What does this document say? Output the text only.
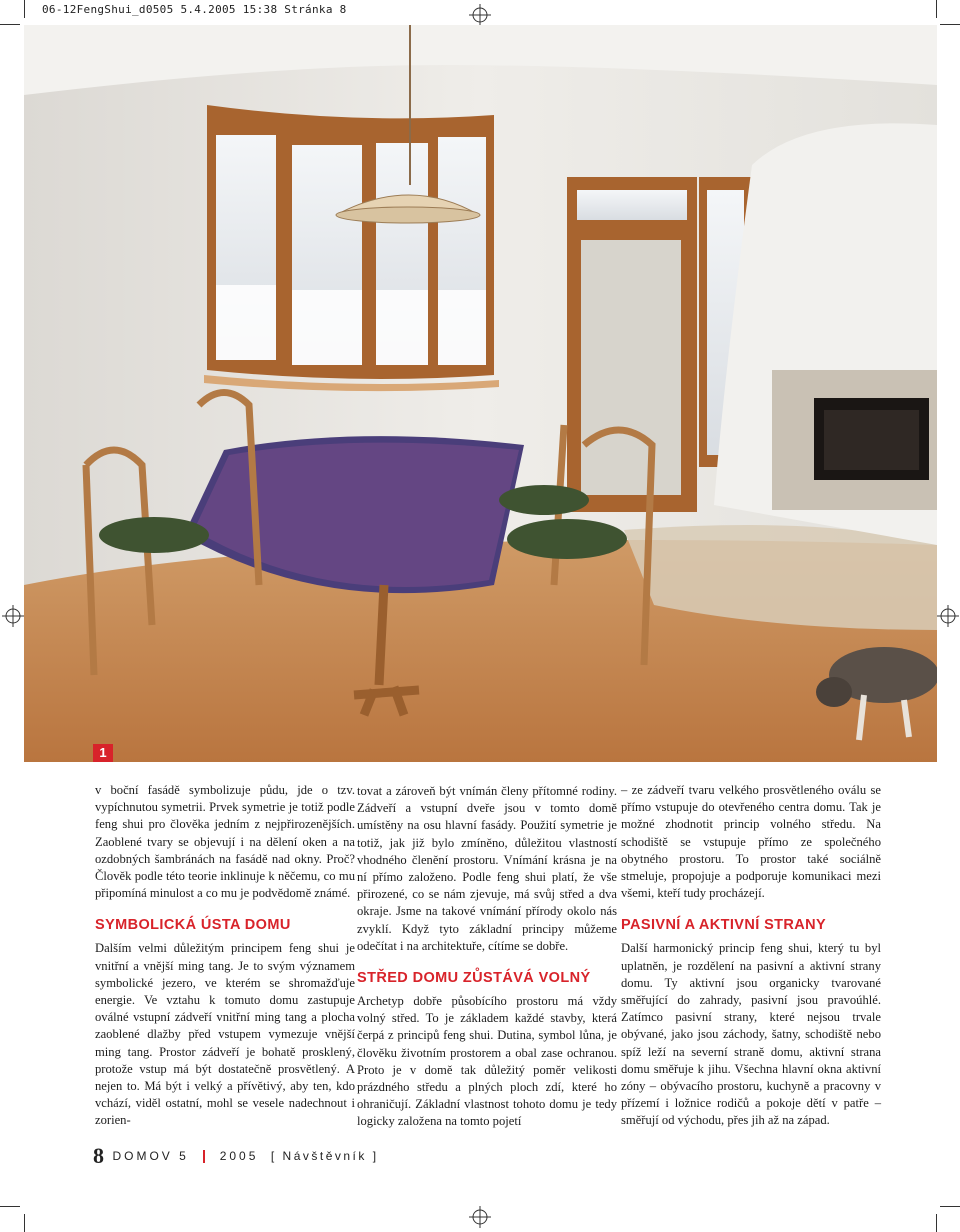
06-12FengShui_d0505 5.4.2005 15:38 Stránka 8
1

v boční fasádě symbolizuje půdu, jde o tzv. vypíchnutou symetrii. Prvek symetrie je totiž podle feng shui pro člověka jedním z nejpřirozenějších. Zaoblené tvary se objevují i na dělení oken a na ozdobných šambránách na fasádě nad okny. Proč? Člověk podle této teorie inklinuje k něčemu, co mu připomíná minulost a co mu je podvědomě známé.

SYMBOLICKÁ ÚSTA DOMU

Dalším velmi důležitým principem feng shui je vnitřní a vnější ming tang. Je to svým významem symbolické jezero, ve kterém se shromažďuje energie. Ve vztahu k tomuto domu zastupuje oválné vstupní zádveří vnitřní ming tang a plocha zaoblené dlažby před vstupem vymezuje vnější ming tang. Prostor zádveří je bohatě prosklený, protože vstup má být dostatečně prosvětlený. A nejen to. Má být i velký a přívětivý, aby ten, kdo vchází, viděl ostatní, mohl se vesele nadechnout i zorien-

tovat a zároveň být vnímán členy přítomné rodiny. Zádveří a vstupní dveře jsou v tomto domě umístěny na osu hlavní fasády. Použití symetrie je totiž, jak již bylo zmíněno, důležitou vlastností vhodného členění prostoru. Vnímání krásna je na ní přímo založeno. Podle feng shui platí, že vše přirozené, co se nám zjevuje, má svůj střed a dva okraje. Jsme na takové vnímání přírody okolo nás zvyklí. Když tyto základní principy můžeme odečítat i na architektuře, cítíme se dobře.

STŘED DOMU ZŮSTÁVÁ VOLNÝ

Archetyp dobře působícího prostoru má vždy volný střed. To je základem každé stavby, která čerpá z principů feng shui. Dutina, symbol lůna, je člověku životním prostorem a obal zase ochranou. Proto je v domě tak důležitý poměr velikosti prázdného středu a plných ploch zdí, které ho ohraničují. Základní vlastnost tohoto domu je tedy logicky založena na tomto pojetí

– ze zádveří tvaru velkého prosvětleného oválu se přímo vstupuje do otevřeného centra domu. Tak je možné zhodnotit princip volného středu. Na schodiště se vstupuje přímo ze společného obytného prostoru. To prostor také sociálně stmeluje, propojuje a podporuje komunikaci mezi všemi, kteří tudy procházejí.

PASIVNÍ A AKTIVNÍ STRANY

Další harmonický princip feng shui, který tu byl uplatněn, je rozdělení na pasivní a aktivní strany domu. Ty aktivní jsou organicky tvarované směřující do zahrady, pasivní jsou pravoúhlé. Zatímco pasivní strany, které nejsou trvale obývané, jako jsou záchody, šatny, schodiště nebo spíž leží na severní straně domu, aktivní strana domu směřuje k jihu. Všechna hlavní okna aktivní zóny – obývacího prostoru, kuchyně a pracovny v přízemí i ložnice rodičů a pokoje dětí v patře – směřují od východu, přes jih až na západ.

8 DOMOV 5	2005 [ Návštěvník ]
